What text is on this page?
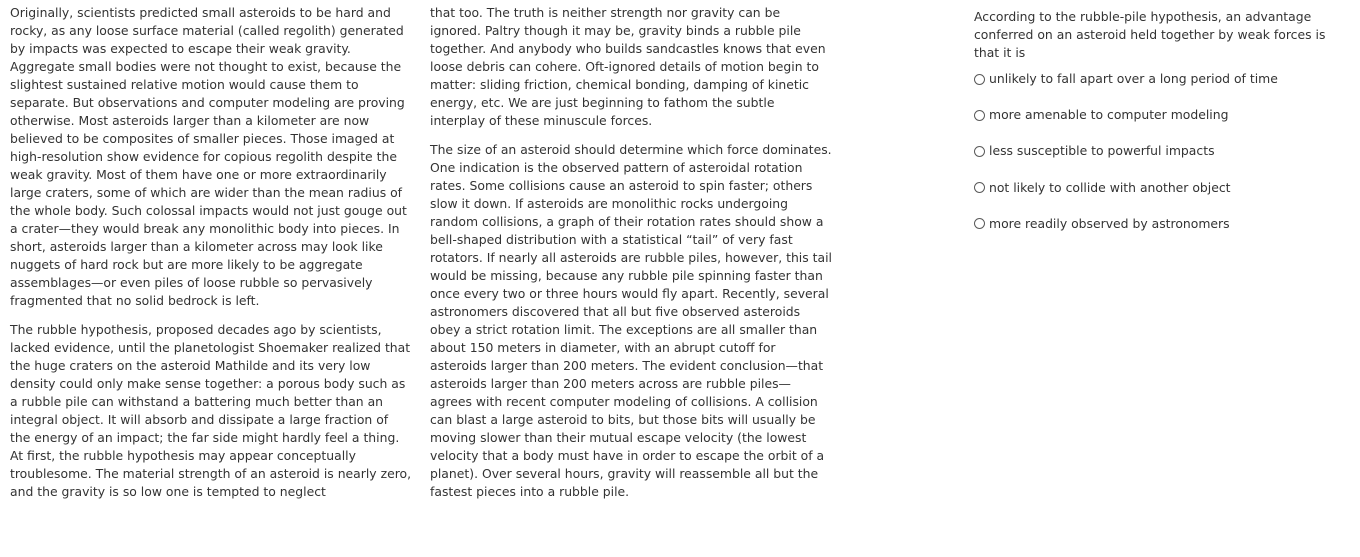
Originally, scientists predicted small asteroids to be hard and rocky, as any loose surface material (called regolith) generated by impacts was expected to escape their weak gravity. Aggregate small bodies were not thought to exist, because the slightest sustained relative motion would cause them to separate. But observations and computer modeling are proving otherwise. Most asteroids larger than a kilometer are now believed to be composites of smaller pieces. Those imaged at high-resolution show evidence for copious regolith despite the weak gravity. Most of them have one or more extraordinarily large craters, some of which are wider than the mean radius of the whole body. Such colossal impacts would not just gouge out a crater—they would break any monolithic body into pieces. In short, asteroids larger than a kilometer across may look like nuggets of hard rock but are more likely to be aggregate assemblages—or even piles of loose rubble so pervasively fragmented that no solid bedrock is left.

The rubble hypothesis, proposed decades ago by scientists, lacked evidence, until the planetologist Shoemaker realized that the huge craters on the asteroid Mathilde and its very low density could only make sense together: a porous body such as a rubble pile can withstand a battering much better than an integral object. It will absorb and dissipate a large fraction of the energy of an impact; the far side might hardly feel a thing. At first, the rubble hypothesis may appear conceptually troublesome. The material strength of an asteroid is nearly zero, and the gravity is so low one is tempted to neglect

that too. The truth is neither strength nor gravity can be ignored. Paltry though it may be, gravity binds a rubble pile together. And anybody who builds sandcastles knows that even loose debris can cohere. Oft-ignored details of motion begin to matter: sliding friction, chemical bonding, damping of kinetic energy, etc. We are just beginning to fathom the subtle interplay of these minuscule forces.

The size of an asteroid should determine which force dominates. One indication is the observed pattern of asteroidal rotation rates. Some collisions cause an asteroid to spin faster; others slow it down. If asteroids are monolithic rocks undergoing random collisions, a graph of their rotation rates should show a bell-shaped distribution with a statistical “tail” of very fast rotators. If nearly all asteroids are rubble piles, however, this tail would be missing, because any rubble pile spinning faster than once every two or three hours would fly apart. Recently, several astronomers discovered that all but five observed asteroids obey a strict rotation limit. The exceptions are all smaller than about 150 meters in diameter, with an abrupt cutoff for asteroids larger than 200 meters. The evident conclusion—that asteroids larger than 200 meters across are rubble piles—agrees with recent computer modeling of collisions. A collision can blast a large asteroid to bits, but those bits will usually be moving slower than their mutual escape velocity (the lowest velocity that a body must have in order to escape the orbit of a planet). Over several hours, gravity will reassemble all but the fastest pieces into a rubble pile.

According to the rubble-pile hypothesis, an advantage conferred on an asteroid held together by weak forces is that it is
unlikely to fall apart over a long period of time
more amenable to computer modeling
less susceptible to powerful impacts
not likely to collide with another object
more readily observed by astronomers
